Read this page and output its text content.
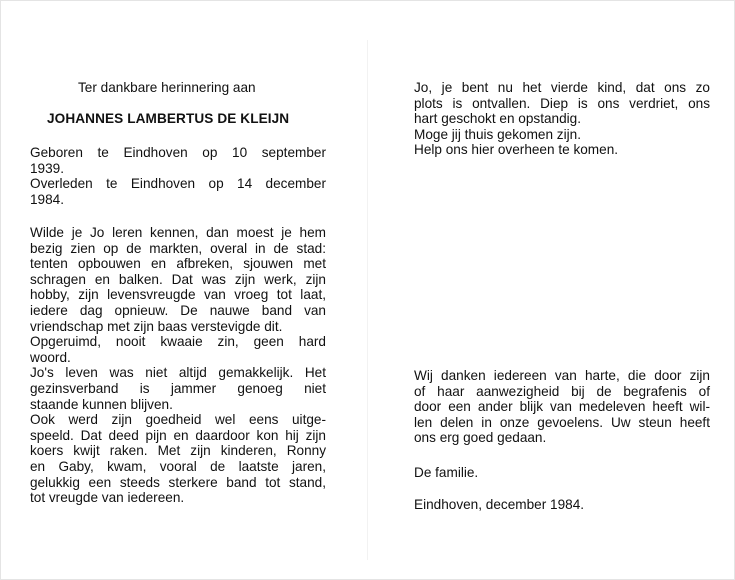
Ter dankbare herinnering aan
JOHANNES LAMBERTUS DE KLEIJN
Geboren te Eindhoven op 10 september
1939.
Overleden te Eindhoven op 14 december
1984.
Wilde je Jo leren kennen, dan moest je hem
bezig zien op de markten, overal in de stad:
tenten opbouwen en afbreken, sjouwen met
schragen en balken. Dat was zijn werk, zijn
hobby, zijn levensvreugde van vroeg tot laat,
iedere dag opnieuw. De nauwe band van
vriendschap met zijn baas verstevigde dit.
Opgeruimd, nooit kwaaie zin, geen hard
woord.
Jo's leven was niet altijd gemakkelijk. Het
gezinsverband is jammer genoeg niet
staande kunnen blijven.
Ook werd zijn goedheid wel eens uitge-
speeld. Dat deed pijn en daardoor kon hij zijn
koers kwijt raken. Met zijn kinderen, Ronny
en Gaby, kwam, vooral de laatste jaren,
gelukkig een steeds sterkere band tot stand,
tot vreugde van iedereen.
Jo, je bent nu het vierde kind, dat ons zo
plots is ontvallen. Diep is ons verdriet, ons
hart geschokt en opstandig.
Moge jij thuis gekomen zijn.
Help ons hier overheen te komen.
Wij danken iedereen van harte, die door zijn
of haar aanwezigheid bij de begrafenis of
door een ander blijk van medeleven heeft wil-
len delen in onze gevoelens. Uw steun heeft
ons erg goed gedaan.
De familie.
Eindhoven, december 1984.
